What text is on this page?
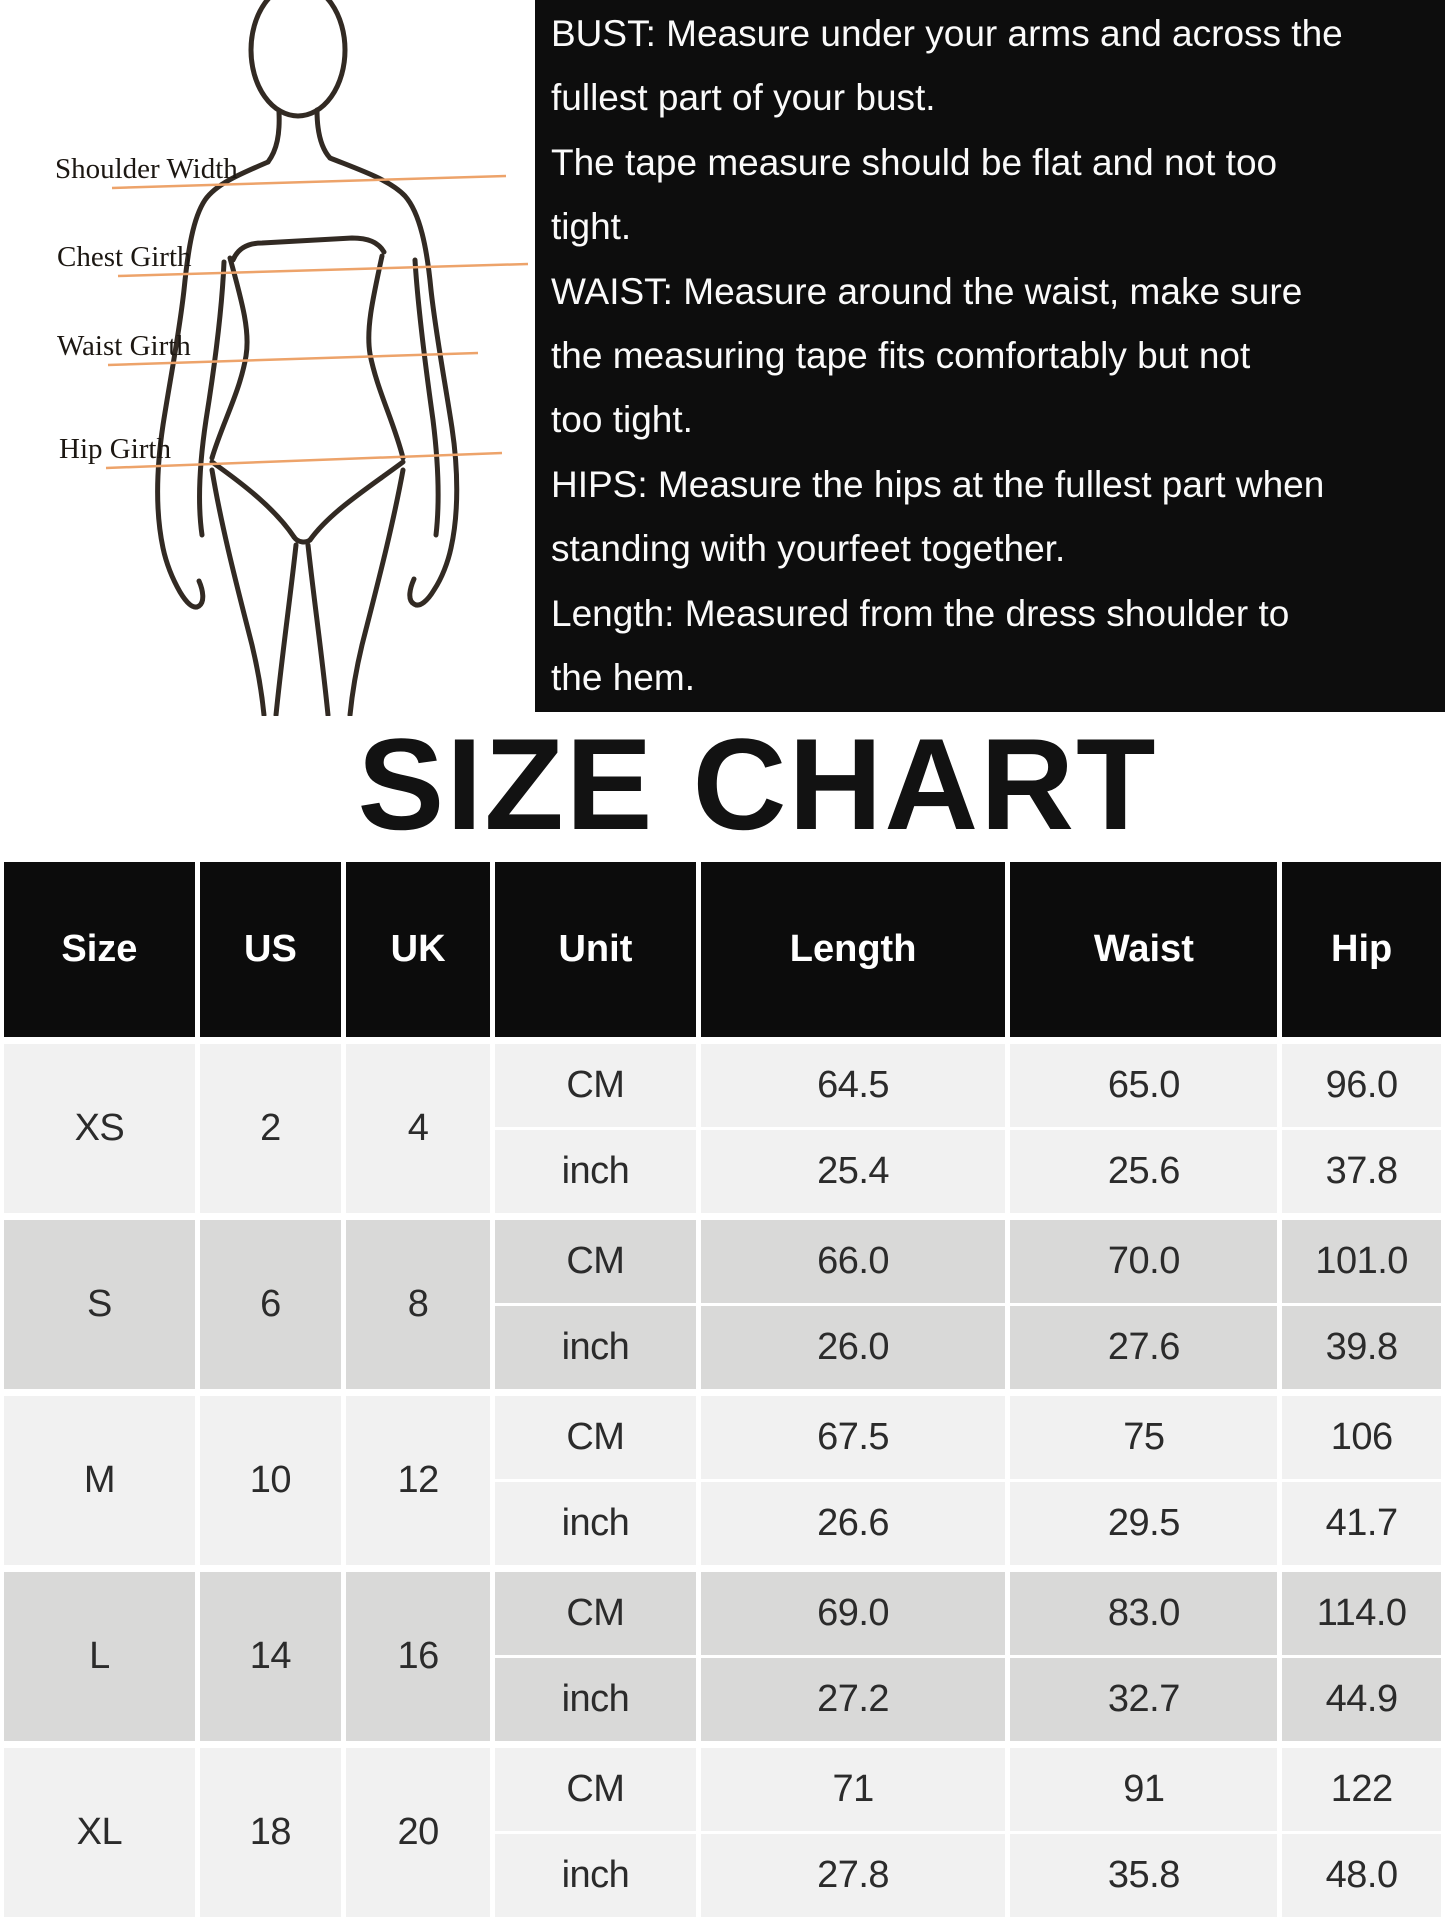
Shoulder Width
Chest Girth
Waist Girth
Hip Girth
BUST: Measure under your arms and across the
fullest part of your bust.
The tape measure should be flat and not too
tight.
WAIST: Measure around the waist, make sure
the measuring tape fits comfortably but not
too tight.
HIPS: Measure the hips at the fullest part when
standing with yourfeet together.
Length: Measured from the dress shoulder to
the hem.
SIZE CHART
Size	US	UK	Unit	Length	Waist	Hip
XS	2	4
CM	64.5	65.0	96.0
inch	25.4	25.6	37.8
S	6	8
CM	66.0	70.0	101.0
inch	26.0	27.6	39.8
M	10	12
CM	67.5	75	106
inch	26.6	29.5	41.7
L	14	16
CM	69.0	83.0	114.0
inch	27.2	32.7	44.9
XL	18	20
CM	71	91	122
inch	27.8	35.8	48.0
